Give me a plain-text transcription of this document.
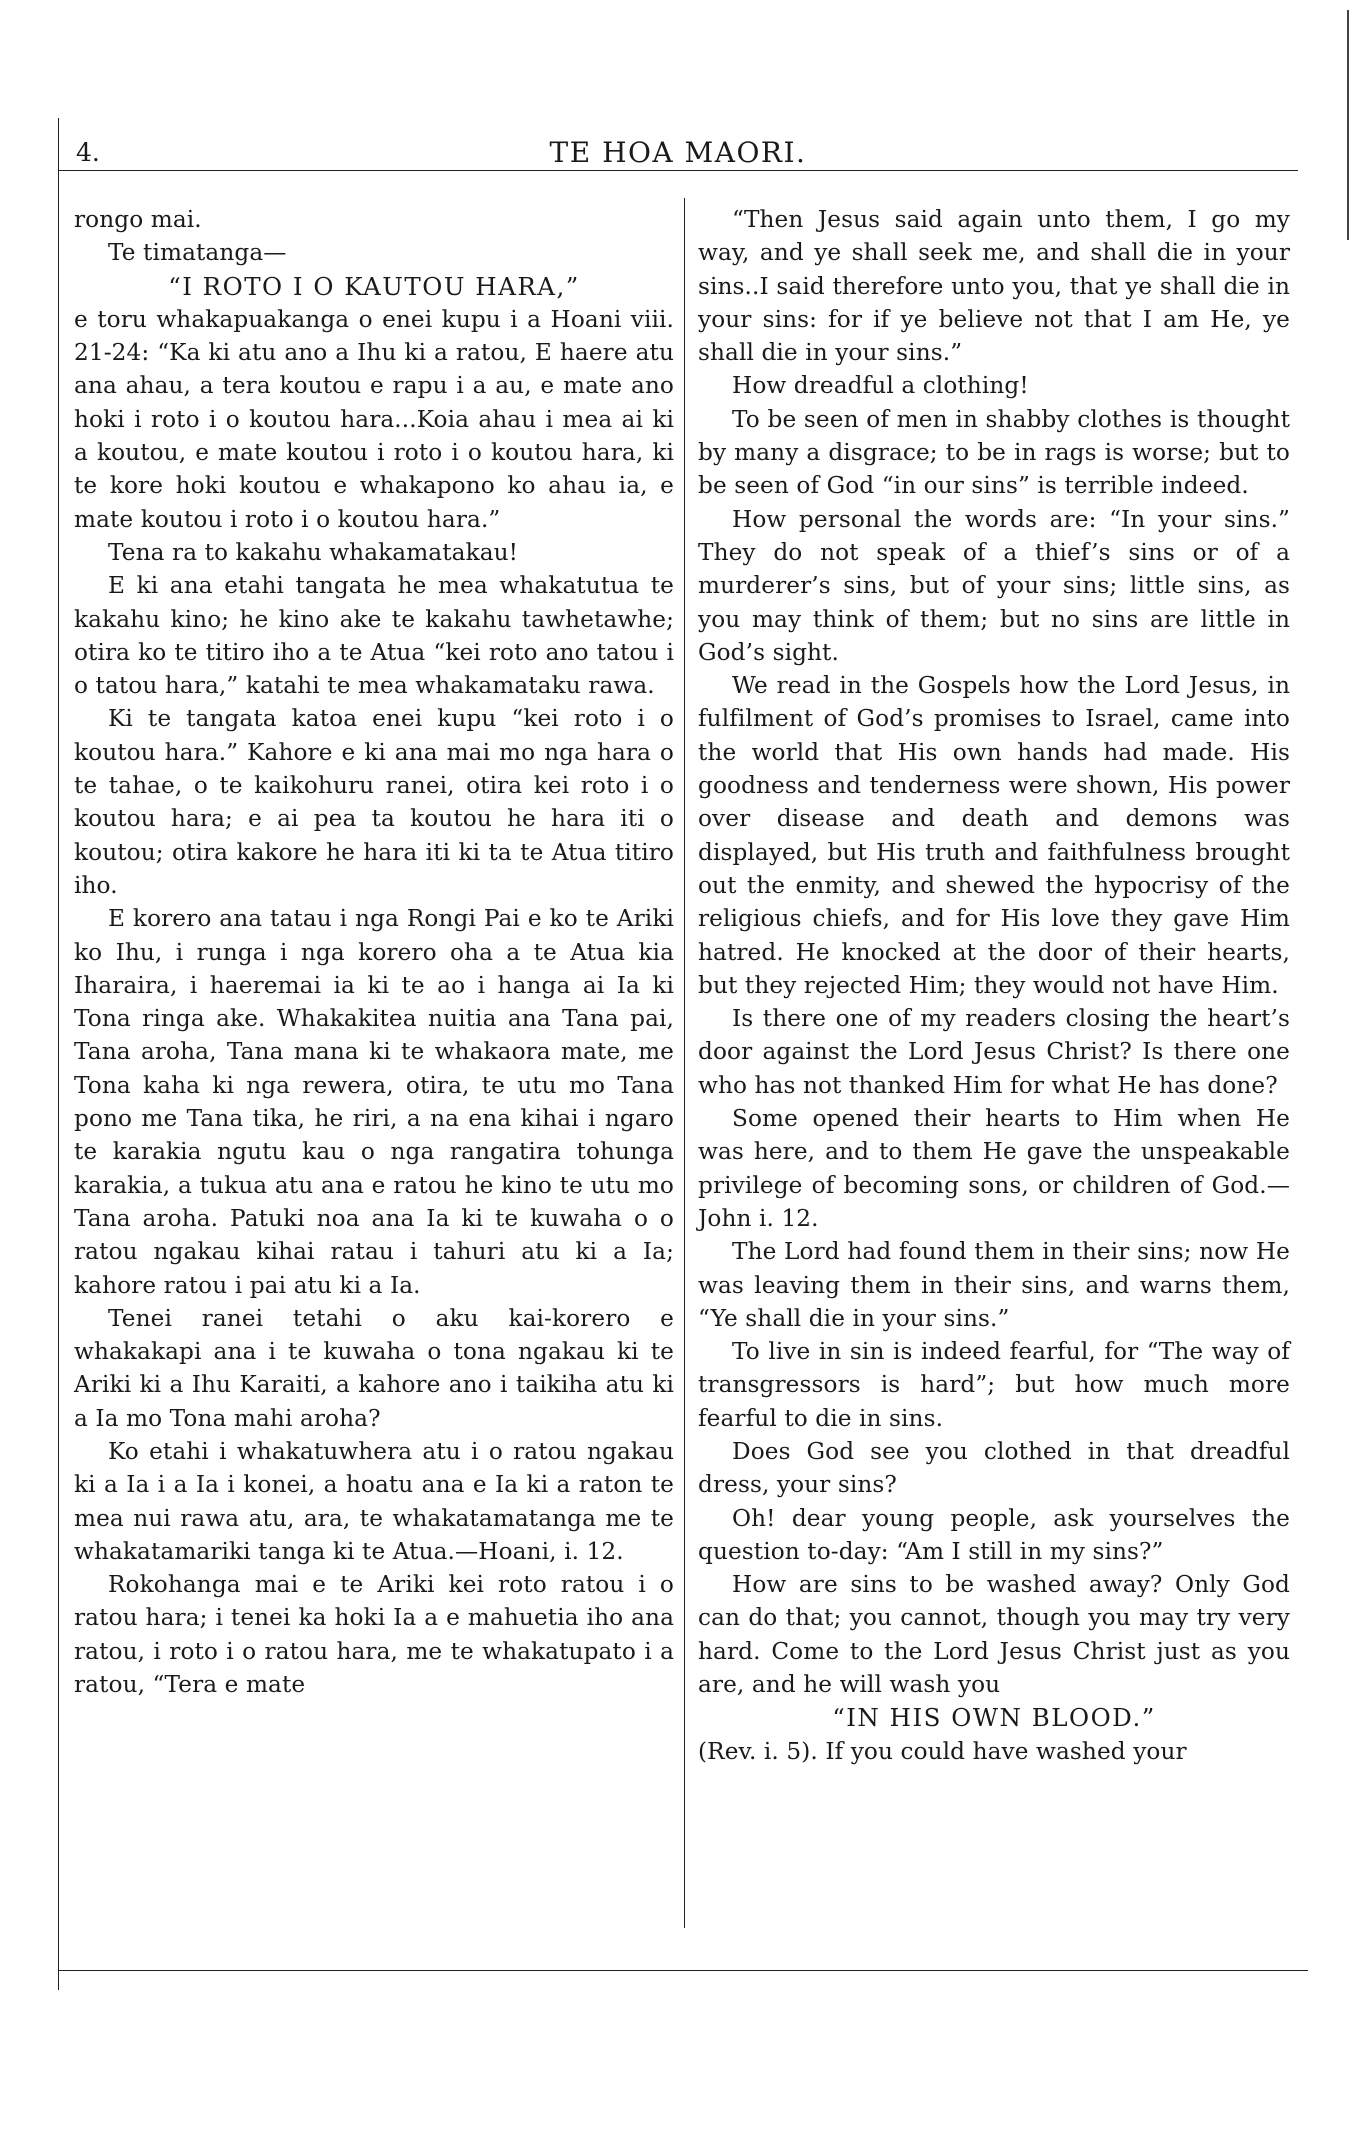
4.	TE HOA MAORI.

rongo mai.

Te timatanga—

“I ROTO I O KAUTOU HARA,”

e toru whakapuakanga o enei kupu i a Hoani viii. 21-24: “Ka ki atu ano a Ihu ki a ratou, E haere atu ana ahau, a tera koutou e rapu i a au, e mate ano hoki i roto i o koutou hara...Koia ahau i mea ai ki a koutou, e mate koutou i roto i o koutou hara, ki te kore hoki koutou e whakapono ko ahau ia, e mate koutou i roto i o koutou hara.”

Tena ra to kakahu whakamatakau!

E ki ana etahi tangata he mea whakatutua te kakahu kino; he kino ake te kakahu tawhetawhe; otira ko te titiro iho a te Atua “kei roto ano tatou i o tatou hara,” katahi te mea whakamataku rawa.

Ki te tangata katoa enei kupu “kei roto i o koutou hara.” Kahore e ki ana mai mo nga hara o te tahae, o te kaikohuru ranei, otira kei roto i o koutou hara; e ai pea ta koutou he hara iti o koutou; otira kakore he hara iti ki ta te Atua titiro iho.

E korero ana tatau i nga Rongi Pai e ko te Ariki ko Ihu, i runga i nga korero oha a te Atua kia Iharaira, i haeremai ia ki te ao i hanga ai Ia ki Tona ringa ake. Whakakitea nuitia ana Tana pai, Tana aroha, Tana mana ki te whakaora mate, me Tona kaha ki nga rewera, otira, te utu mo Tana pono me Tana tika, he riri, a na ena kihai i ngaro te karakia ngutu kau o nga rangatira tohunga karakia, a tukua atu ana e ratou he kino te utu mo Tana aroha. Patuki noa ana Ia ki te kuwaha o o ratou ngakau kihai ratau i tahuri atu ki a Ia; kahore ratou i pai atu ki a Ia.

Tenei ranei tetahi o aku kai-korero e whakakapi ana i te kuwaha o tona ngakau ki te Ariki ki a Ihu Karaiti, a kahore ano i taikiha atu ki a Ia mo Tona mahi aroha?

Ko etahi i whakatuwhera atu i o ratou ngakau ki a Ia i a Ia i konei, a hoatu ana e Ia ki a raton te mea nui rawa atu, ara, te whakatamatanga me te whakatamariki tanga ki te Atua.—Hoani, i. 12.

Rokohanga mai e te Ariki kei roto ratou i o ratou hara; i tenei ka hoki Ia a e mahuetia iho ana ratou, i roto i o ratou hara, me te whakatupato i a ratou, “Tera e mate

“Then Jesus said again unto them, I go my way, and ye shall seek me, and shall die in your sins..I said therefore unto you, that ye shall die in your sins: for if ye believe not that I am He, ye shall die in your sins.”

How dreadful a clothing!

To be seen of men in shabby clothes is thought by many a disgrace; to be in rags is worse; but to be seen of God “in our sins” is terrible indeed.

How personal the words are: “In your sins.” They do not speak of a thief’s sins or of a murderer’s sins, but of your sins; little sins, as you may think of them; but no sins are little in God’s sight.

We read in the Gospels how the Lord Jesus, in fulfilment of God’s promises to Israel, came into the world that His own hands had made. His goodness and tenderness were shown, His power over disease and death and demons was displayed, but His truth and faithfulness brought out the enmity, and shewed the hypocrisy of the religious chiefs, and for His love they gave Him hatred. He knocked at the door of their hearts, but they rejected Him; they would not have Him.

Is there one of my readers closing the heart’s door against the Lord Jesus Christ? Is there one who has not thanked Him for what He has done?

Some opened their hearts to Him when He was here, and to them He gave the unspeakable privilege of becoming sons, or children of God.—John i. 12.

The Lord had found them in their sins; now He was leaving them in their sins, and warns them, “Ye shall die in your sins.”

To live in sin is indeed fearful, for “The way of transgressors is hard”; but how much more fearful to die in sins.

Does God see you clothed in that dreadful dress, your sins?

Oh! dear young people, ask yourselves the question to-day: “Am I still in my sins?”

How are sins to be washed away? Only God can do that; you cannot, though you may try very hard. Come to the Lord Jesus Christ just as you are, and he will wash you

“IN HIS OWN BLOOD.”

(Rev. i. 5). If you could have washed your
